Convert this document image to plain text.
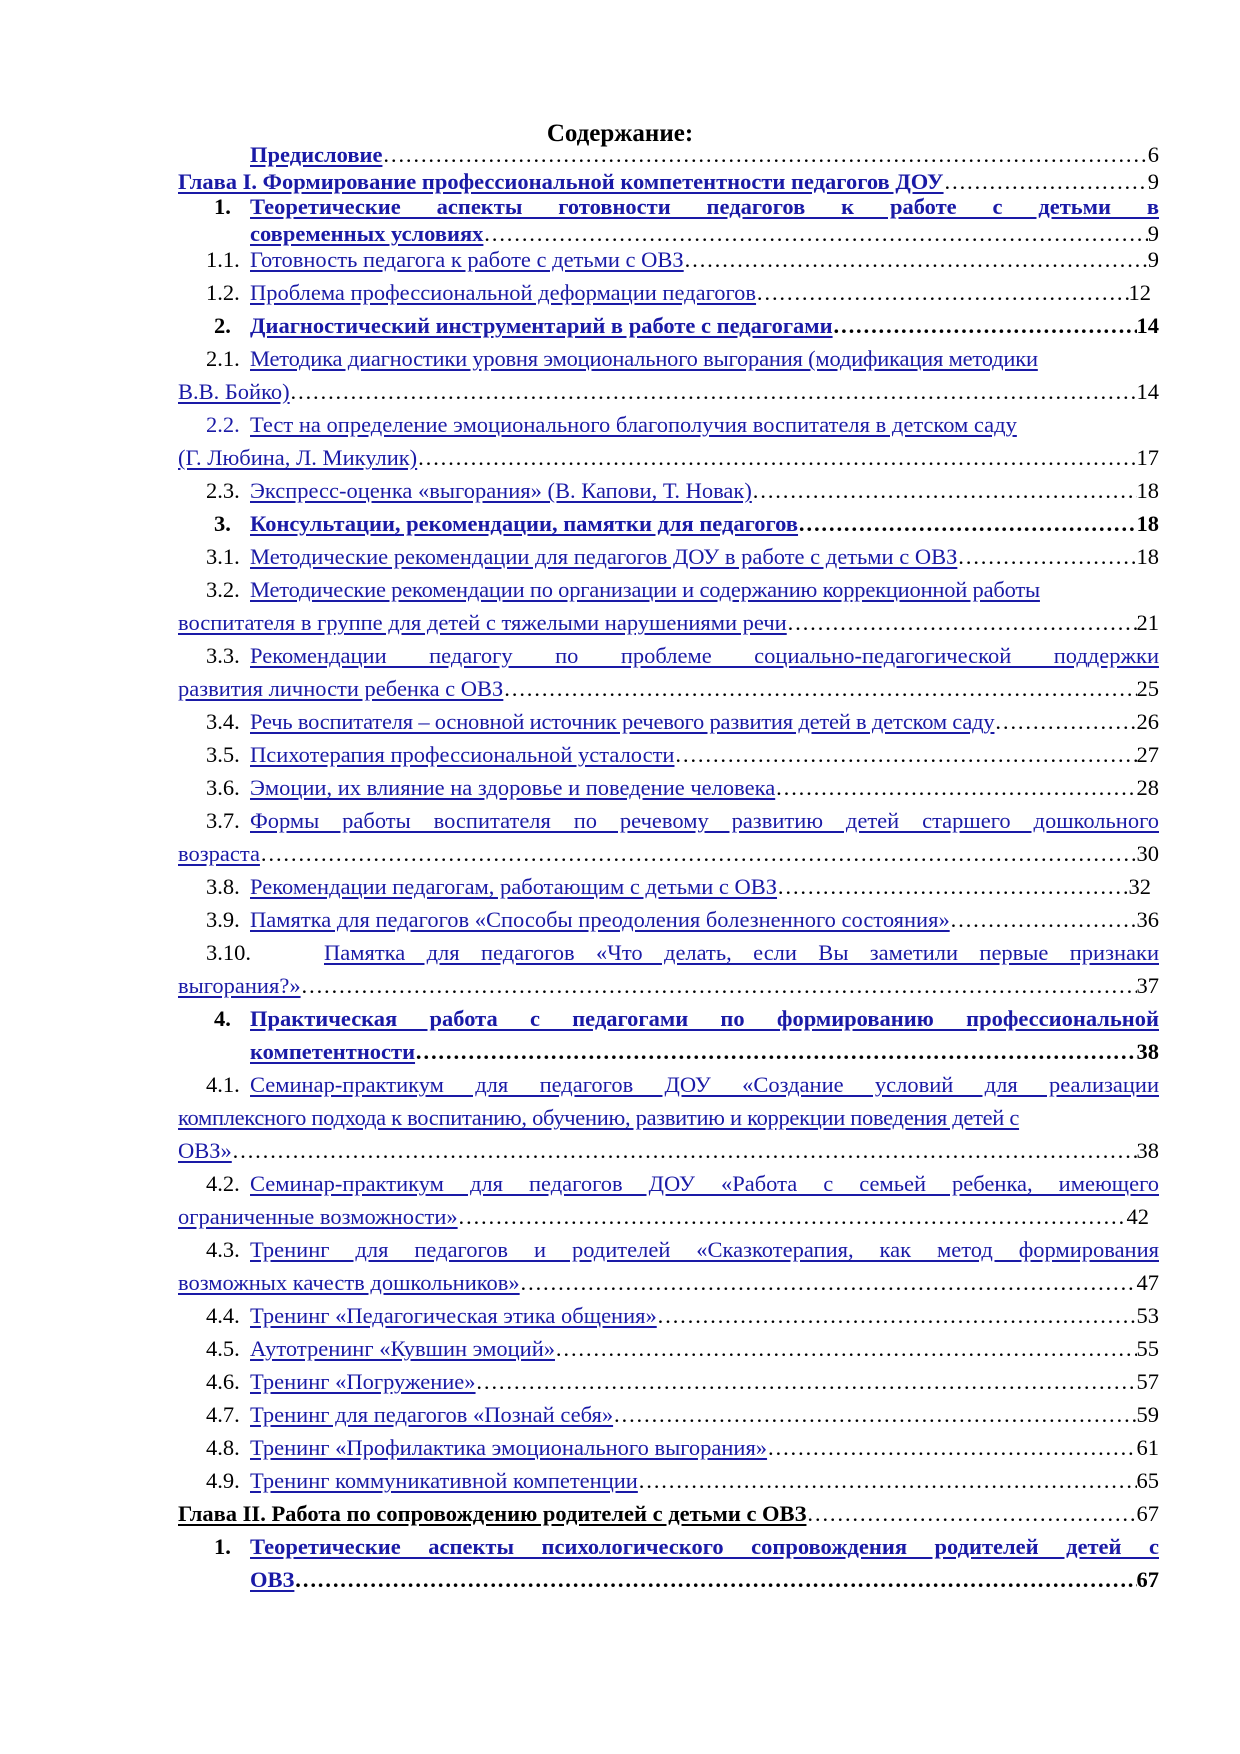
Содержание:
Предисловие ………………………………………………………………………………………………………………………………………………………………………………	6
Глава I. Формирование профессиональной компетентности педагогов ДОУ ………………………………………………………………………………………………………………………………………………………………………………	9
1. Теоретические аспекты готовности педагогов к работе с детьми в
современных условиях ………………………………………………………………………………………………………………………………………………………………………………	9
1.1. Готовность педагога к работе с детьми с ОВЗ ………………………………………………………………………………………………………………………………………………………………………………	9
1.2. Проблема профессиональной деформации педагогов ………………………………………………………………………………………………………………………………………………………………………………	12
2. Диагностический инструментарий в работе с педагогами ………………………………………………………………………………………………………………………………………………………………………………	14
2.1. Методика диагностики уровня эмоционального выгорания (модификация методики
В.В. Бойко) ………………………………………………………………………………………………………………………………………………………………………………	14
2.2. Тест на определение эмоционального благополучия воспитателя в детском саду
(Г. Любина, Л. Микулик) ………………………………………………………………………………………………………………………………………………………………………………	17
2.3. Экспресс-оценка «выгорания» (В. Капови, Т. Новак) ………………………………………………………………………………………………………………………………………………………………………………	18
3. Консультации, рекомендации, памятки для педагогов ………………………………………………………………………………………………………………………………………………………………………………	18
3.1. Методические рекомендации для педагогов ДОУ в работе с детьми с ОВЗ ………………………………………………………………………………………………………………………………………………………………………………	18
3.2. Методические рекомендации по организации и содержанию коррекционной работы
воспитателя в группе для детей с тяжелыми нарушениями речи ………………………………………………………………………………………………………………………………………………………………………………	21
3.3. Рекомендации педагогу по проблеме социально-педагогической поддержки
развития личности ребенка с ОВЗ ………………………………………………………………………………………………………………………………………………………………………………	25
3.4. Речь воспитателя – основной источник речевого развития детей в детском саду ………………………………………………………………………………………………………………………………………………………………………………	26
3.5. Психотерапия профессиональной усталости ………………………………………………………………………………………………………………………………………………………………………………	27
3.6. Эмоции, их влияние на здоровье и поведение человека ………………………………………………………………………………………………………………………………………………………………………………	28
3.7. Формы работы воспитателя по речевому развитию детей старшего дошкольного
возраста ………………………………………………………………………………………………………………………………………………………………………………	30
3.8. Рекомендации педагогам, работающим с детьми с ОВЗ ………………………………………………………………………………………………………………………………………………………………………………	32
3.9. Памятка для педагогов «Способы преодоления болезненного состояния» ………………………………………………………………………………………………………………………………………………………………………………	36
3.10.	Памятка для педагогов «Что делать, если Вы заметили первые признаки
выгорания?» ………………………………………………………………………………………………………………………………………………………………………………	37
4. Практическая работа с педагогами по формированию профессиональной
компетентности ………………………………………………………………………………………………………………………………………………………………………………	38
4.1. Семинар-практикум для педагогов ДОУ «Создание условий для реализации
комплексного подхода к воспитанию, обучению, развитию и коррекции поведения детей с
ОВЗ» ………………………………………………………………………………………………………………………………………………………………………………	38
4.2. Семинар-практикум для педагогов ДОУ «Работа с семьей ребенка, имеющего
ограниченные возможности» ………………………………………………………………………………………………………………………………………………………………………………	42
4.3. Тренинг для педагогов и родителей «Сказкотерапия, как метод формирования
возможных качеств дошкольников» ………………………………………………………………………………………………………………………………………………………………………………	47
4.4. Тренинг «Педагогическая этика общения» ………………………………………………………………………………………………………………………………………………………………………………	53
4.5. Аутотренинг «Кувшин эмоций» ………………………………………………………………………………………………………………………………………………………………………………	55
4.6. Тренинг «Погружение» ………………………………………………………………………………………………………………………………………………………………………………	57
4.7. Тренинг для педагогов «Познай себя» ………………………………………………………………………………………………………………………………………………………………………………	59
4.8. Тренинг «Профилактика эмоционального выгорания» ………………………………………………………………………………………………………………………………………………………………………………	61
4.9. Тренинг коммуникативной компетенции ………………………………………………………………………………………………………………………………………………………………………………	65
Глава II. Работа по сопровождению родителей с детьми с ОВЗ ………………………………………………………………………………………………………………………………………………………………………………	67
1. Теоретические аспекты психологического сопровождения родителей детей с
ОВЗ ………………………………………………………………………………………………………………………………………………………………………………	67
